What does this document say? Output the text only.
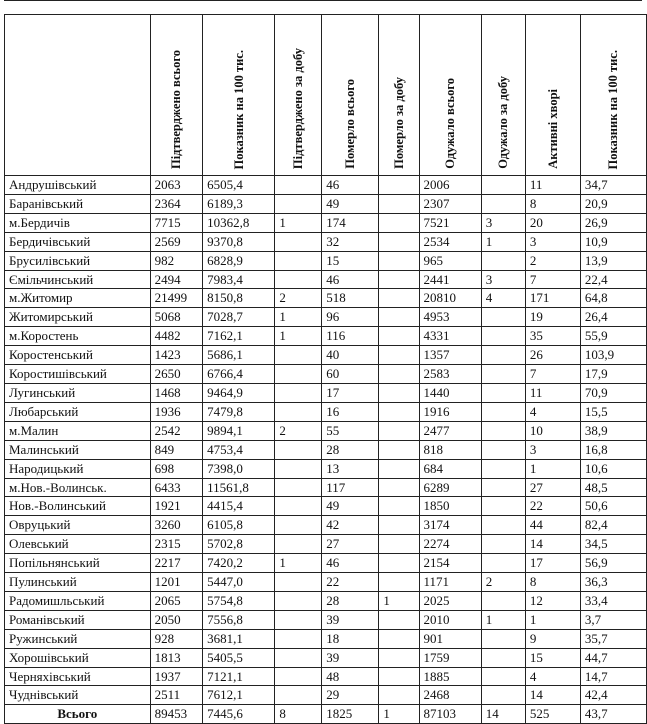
	Підтверджено всього	Показник на 100 тис.	Підтверджено за добу	Померло всього	Померло за добу	Одужало всього	Одужало за добу	Активні хворі	Показник на 100 тис.

Андрушівський	2063	6505,4		46		2006		11	34,7
Баранівський	2364	6189,3		49		2307		8	20,9
м.Бердичів	7715	10362,8	1	174		7521	3	20	26,9
Бердичівський	2569	9370,8		32		2534	1	3	10,9
Брусилівський	982	6828,9		15		965		2	13,9
Ємільчинський	2494	7983,4		46		2441	3	7	22,4
м.Житомир	21499	8150,8	2	518		20810	4	171	64,8
Житомирський	5068	7028,7	1	96		4953		19	26,4
м.Коростень	4482	7162,1	1	116		4331		35	55,9
Коростенський	1423	5686,1		40		1357		26	103,9
Коростишівський	2650	6766,4		60		2583		7	17,9
Лугинський	1468	9464,9		17		1440		11	70,9
Любарський	1936	7479,8		16		1916		4	15,5
м.Малин	2542	9894,1	2	55		2477		10	38,9
Малинський	849	4753,4		28		818		3	16,8
Народицький	698	7398,0		13		684		1	10,6
м.Нов.-Волинськ.	6433	11561,8		117		6289		27	48,5
Нов.-Волинський	1921	4415,4		49		1850		22	50,6
Овруцький	3260	6105,8		42		3174		44	82,4
Олевський	2315	5702,8		27		2274		14	34,5
Попільнянський	2217	7420,2	1	46		2154		17	56,9
Пулинський	1201	5447,0		22		1171	2	8	36,3
Радомишльський	2065	5754,8		28	1	2025		12	33,4
Романівський	2050	7556,8		39		2010	1	1	3,7
Ружинський	928	3681,1		18		901		9	35,7
Хорошівський	1813	5405,5		39		1759		15	44,7
Черняхівський	1937	7121,1		48		1885		4	14,7
Чуднівський	2511	7612,1		29		2468		14	42,4
Всього	89453	7445,6	8	1825	1	87103	14	525	43,7
